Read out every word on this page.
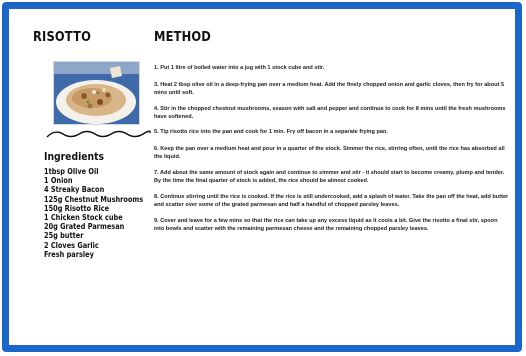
RISOTTO	METHOD
Ingredients
1tbsp Olive Oil
1 Onion
4 Streaky Bacon
125g Chestnut Mushrooms
150g Risotto Rice
1 Chicken Stock cube
20g Grated Parmesan
25g butter
2 Cloves Garlic
Fresh parsley
1. Put 1 litre of boiled water into a jug with 1 stock cube and stir.
3. Heat 2 tbsp olive oil in a deep-frying pan over a medium heat. Add the finely chopped onion and garlic cloves, then fry for about 5 mins until soft.
4. Stir in the chopped chestnut mushrooms, season with salt and pepper and continue to cook for 8 mins until the fresh mushrooms have softened.
5. Tip risotto rice into the pan and cook for 1 min. Fry off bacon in a separate frying pan.
6. Keep the pan over a medium heat and pour in a quarter of the stock. Simmer the rice, stirring often, until the rice has absorbed all the liquid.
7. Add about the same amount of stock again and continue to simmer and stir - it should start to become creamy, plump and tender. By the time the final quarter of stock is added, the rice should be almost cooked.
8. Continue stirring until the rice is cooked. If the rice is still undercooked, add a splash of water. Take the pan off the heat, add butter and scatter over some of the grated parmesan and half a handful of chopped parsley leaves.
9. Cover and leave for a few mins so that the rice can take up any excess liquid as it cools a bit. Give the risotto a final stir, spoon into bowls and scatter with the remaining parmesan cheese and the remaining chopped parsley leaves.
